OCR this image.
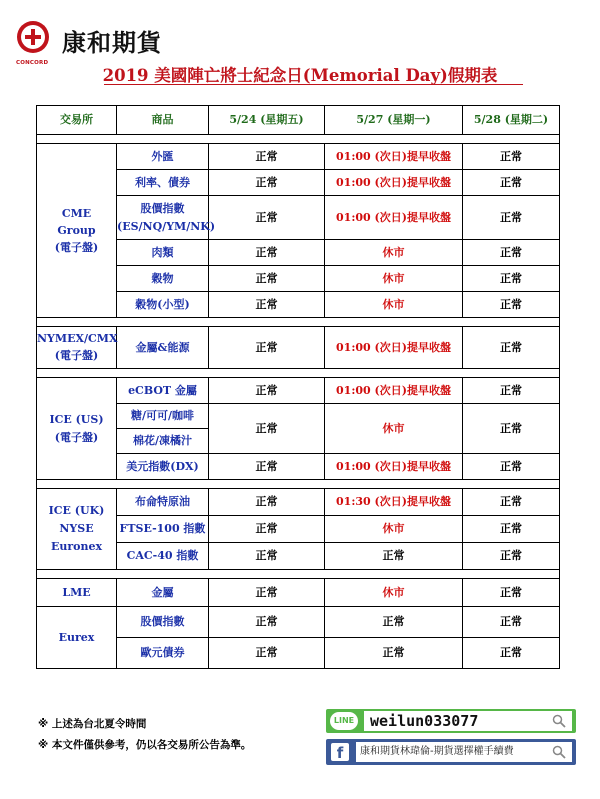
CONCORD
康和期貨
2019 美國陣亡將士紀念日(Memorial Day)假期表
交易所	商品	5/24 (星期五)	5/27 (星期一)	5/28 (星期二)

CME
Group
(電子盤)	外匯	正常	01:00 (次日)提早收盤	正常
	利率、債券	正常	01:00 (次日)提早收盤	正常

	股價指數
(ES/NQ/YM/NK)	正常	01:00 (次日)提早收盤	正常
	肉類	正常	休市	正常
	穀物	正常	休市	正常
	穀物(小型)	正常	休市	正常

NYMEX/CMX
(電子盤)	金屬&能源	正常	01:00 (次日)提早收盤	正常

ICE (US)
(電子盤)	eCBOT 金屬	正常	01:00 (次日)提早收盤	正常
	糖/可可/咖啡	正常	休市	正常
	棉花/凍橘汁			
	美元指數(DX)	正常	01:00 (次日)提早收盤	正常

ICE (UK)
NYSE
Euronex	布侖特原油	正常	01:30 (次日)提早收盤	正常
	FTSE-100 指數	正常	休市	正常
	CAC-40 指數	正常	正常	正常

LME	金屬	正常	休市	正常
Eurex	股價指數	正常	正常	正常
	歐元債券	正常	正常	正常
※ 上述為台北夏令時間
※ 本文件僅供參考，仍以各交易所公告為準。
LINE weilun033077
f	康和期貨林瑋倫-期貨選擇權手續費
